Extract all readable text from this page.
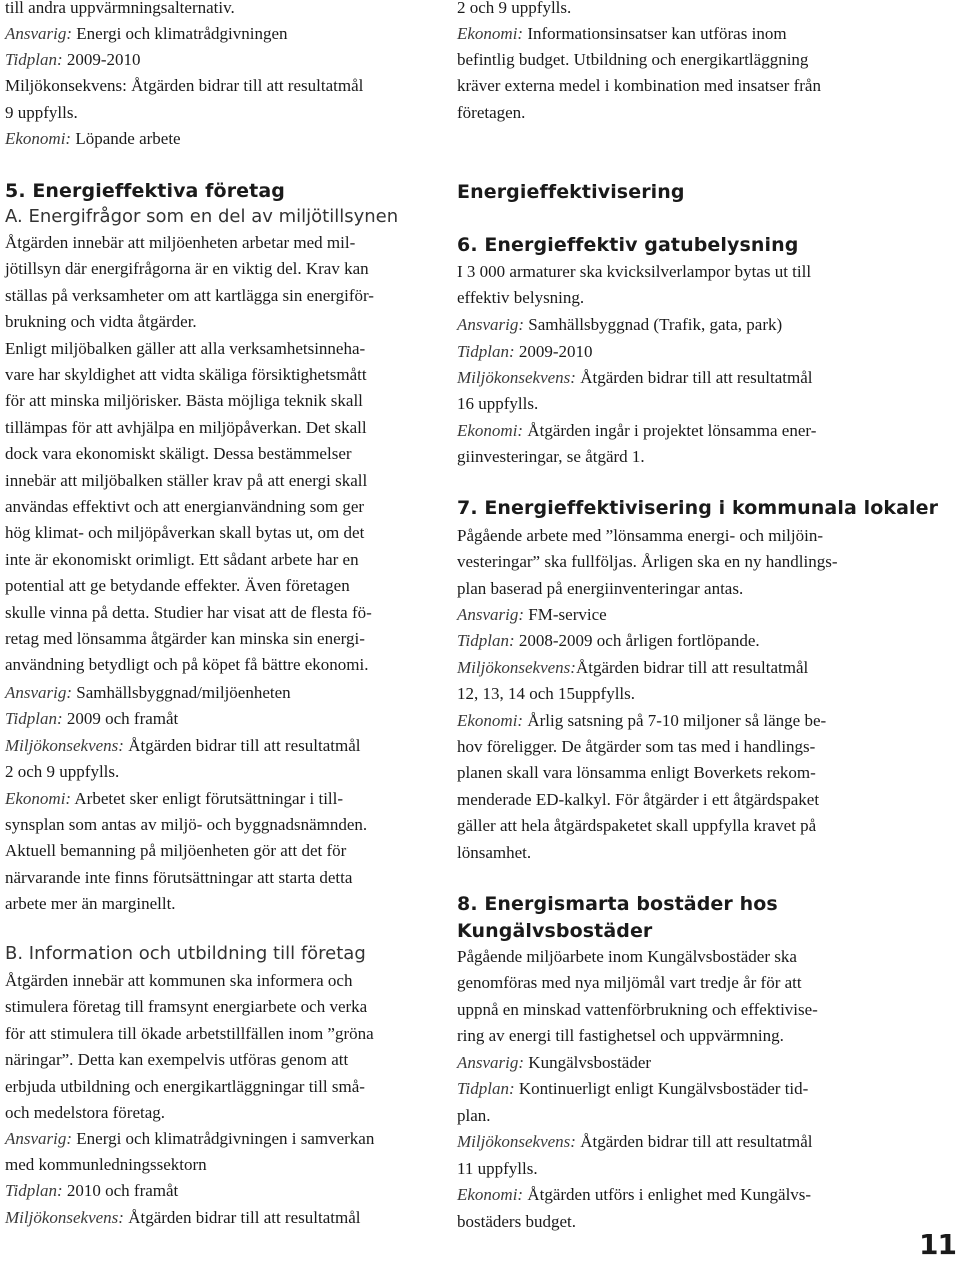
till andra uppvärmningsalternativ.
Ansvarig: Energi och klimatrådgivningen
Tidplan: 2009-2010
Miljökonsekvens: Åtgärden bidrar till att resultatmål
9 uppfylls.
Ekonomi: Löpande arbete
5. Energieffektiva företag
A. Energifrågor som en del av miljötillsynen
Åtgärden innebär att miljöenheten arbetar med mil-
jötillsyn där energifrågorna är en viktig del. Krav kan
ställas på verksamheter om att kartlägga sin energiför-
brukning och vidta åtgärder.
Enligt miljöbalken gäller att alla verksamhetsinneha-
vare har skyldighet att vidta skäliga försiktighetsmått
för att minska miljörisker. Bästa möjliga teknik skall
tillämpas för att avhjälpa en miljöpåverkan. Det skall
dock vara ekonomiskt skäligt. Dessa bestämmelser
innebär att miljöbalken ställer krav på att energi skall
användas effektivt och att energianvändning som ger
hög klimat- och miljöpåverkan skall bytas ut, om det
inte är ekonomiskt orimligt. Ett sådant arbete har en
potential att ge betydande effekter. Även företagen
skulle vinna på detta. Studier har visat att de flesta fö-
retag med lönsamma åtgärder kan minska sin energi-
användning betydligt och på köpet få bättre ekonomi.
Ansvarig: Samhällsbyggnad/miljöenheten
Tidplan: 2009 och framåt
Miljökonsekvens: Åtgärden bidrar till att resultatmål
2 och 9 uppfylls.
Ekonomi: Arbetet sker enligt förutsättningar i till-
synsplan som antas av miljö- och byggnadsnämnden.
Aktuell bemanning på miljöenheten gör att det för
närvarande inte finns förutsättningar att starta detta
arbete mer än marginellt.
B. Information och utbildning till företag
Åtgärden innebär att kommunen ska informera och
stimulera företag till framsynt energiarbete och verka
för att stimulera till ökade arbetstillfällen inom ”gröna
näringar”. Detta kan exempelvis utföras genom att
erbjuda utbildning och energikartläggningar till små-
och medelstora företag.
Ansvarig: Energi och klimatrådgivningen i samverkan
med kommunledningssektorn
Tidplan: 2010 och framåt
Miljökonsekvens: Åtgärden bidrar till att resultatmål
2 och 9 uppfylls.
Ekonomi: Informationsinsatser kan utföras inom
befintlig budget. Utbildning och energikartläggning
kräver externa medel i kombination med insatser från
företagen.
Energieffektivisering
6. Energieffektiv gatubelysning
I 3 000 armaturer ska kvicksilverlampor bytas ut till
effektiv belysning.
Ansvarig: Samhällsbyggnad (Trafik, gata, park)
Tidplan: 2009-2010
Miljökonsekvens: Åtgärden bidrar till att resultatmål
16 uppfylls.
Ekonomi: Åtgärden ingår i projektet lönsamma ener-
giinvesteringar, se åtgärd 1.
7. Energieffektivisering i kommunala lokaler
Pågående arbete med ”lönsamma energi- och miljöin-
vesteringar” ska fullföljas. Årligen ska en ny handlings-
plan baserad på energiinventeringar antas.
Ansvarig: FM-service
Tidplan: 2008-2009 och årligen fortlöpande.
Miljökonsekvens:Åtgärden bidrar till att resultatmål
12, 13, 14 och 15uppfylls.
Ekonomi: Årlig satsning på 7-10 miljoner så länge be-
hov föreligger. De åtgärder som tas med i handlings-
planen skall vara lönsamma enligt Boverkets rekom-
menderade ED-kalkyl. För åtgärder i ett åtgärdspaket
gäller att hela åtgärdspaketet skall uppfylla kravet på
lönsamhet.
8. Energismarta bostäder hos
Kungälvsbostäder
Pågående miljöarbete inom Kungälvsbostäder ska
genomföras med nya miljömål vart tredje år för att
uppnå en minskad vattenförbrukning och effektivise-
ring av energi till fastighetsel och uppvärmning.
Ansvarig: Kungälvsbostäder
Tidplan: Kontinuerligt enligt Kungälvsbostäder tid-
plan.
Miljökonsekvens: Åtgärden bidrar till att resultatmål
11 uppfylls.
Ekonomi: Åtgärden utförs i enlighet med Kungälvs-
bostäders budget.
11
